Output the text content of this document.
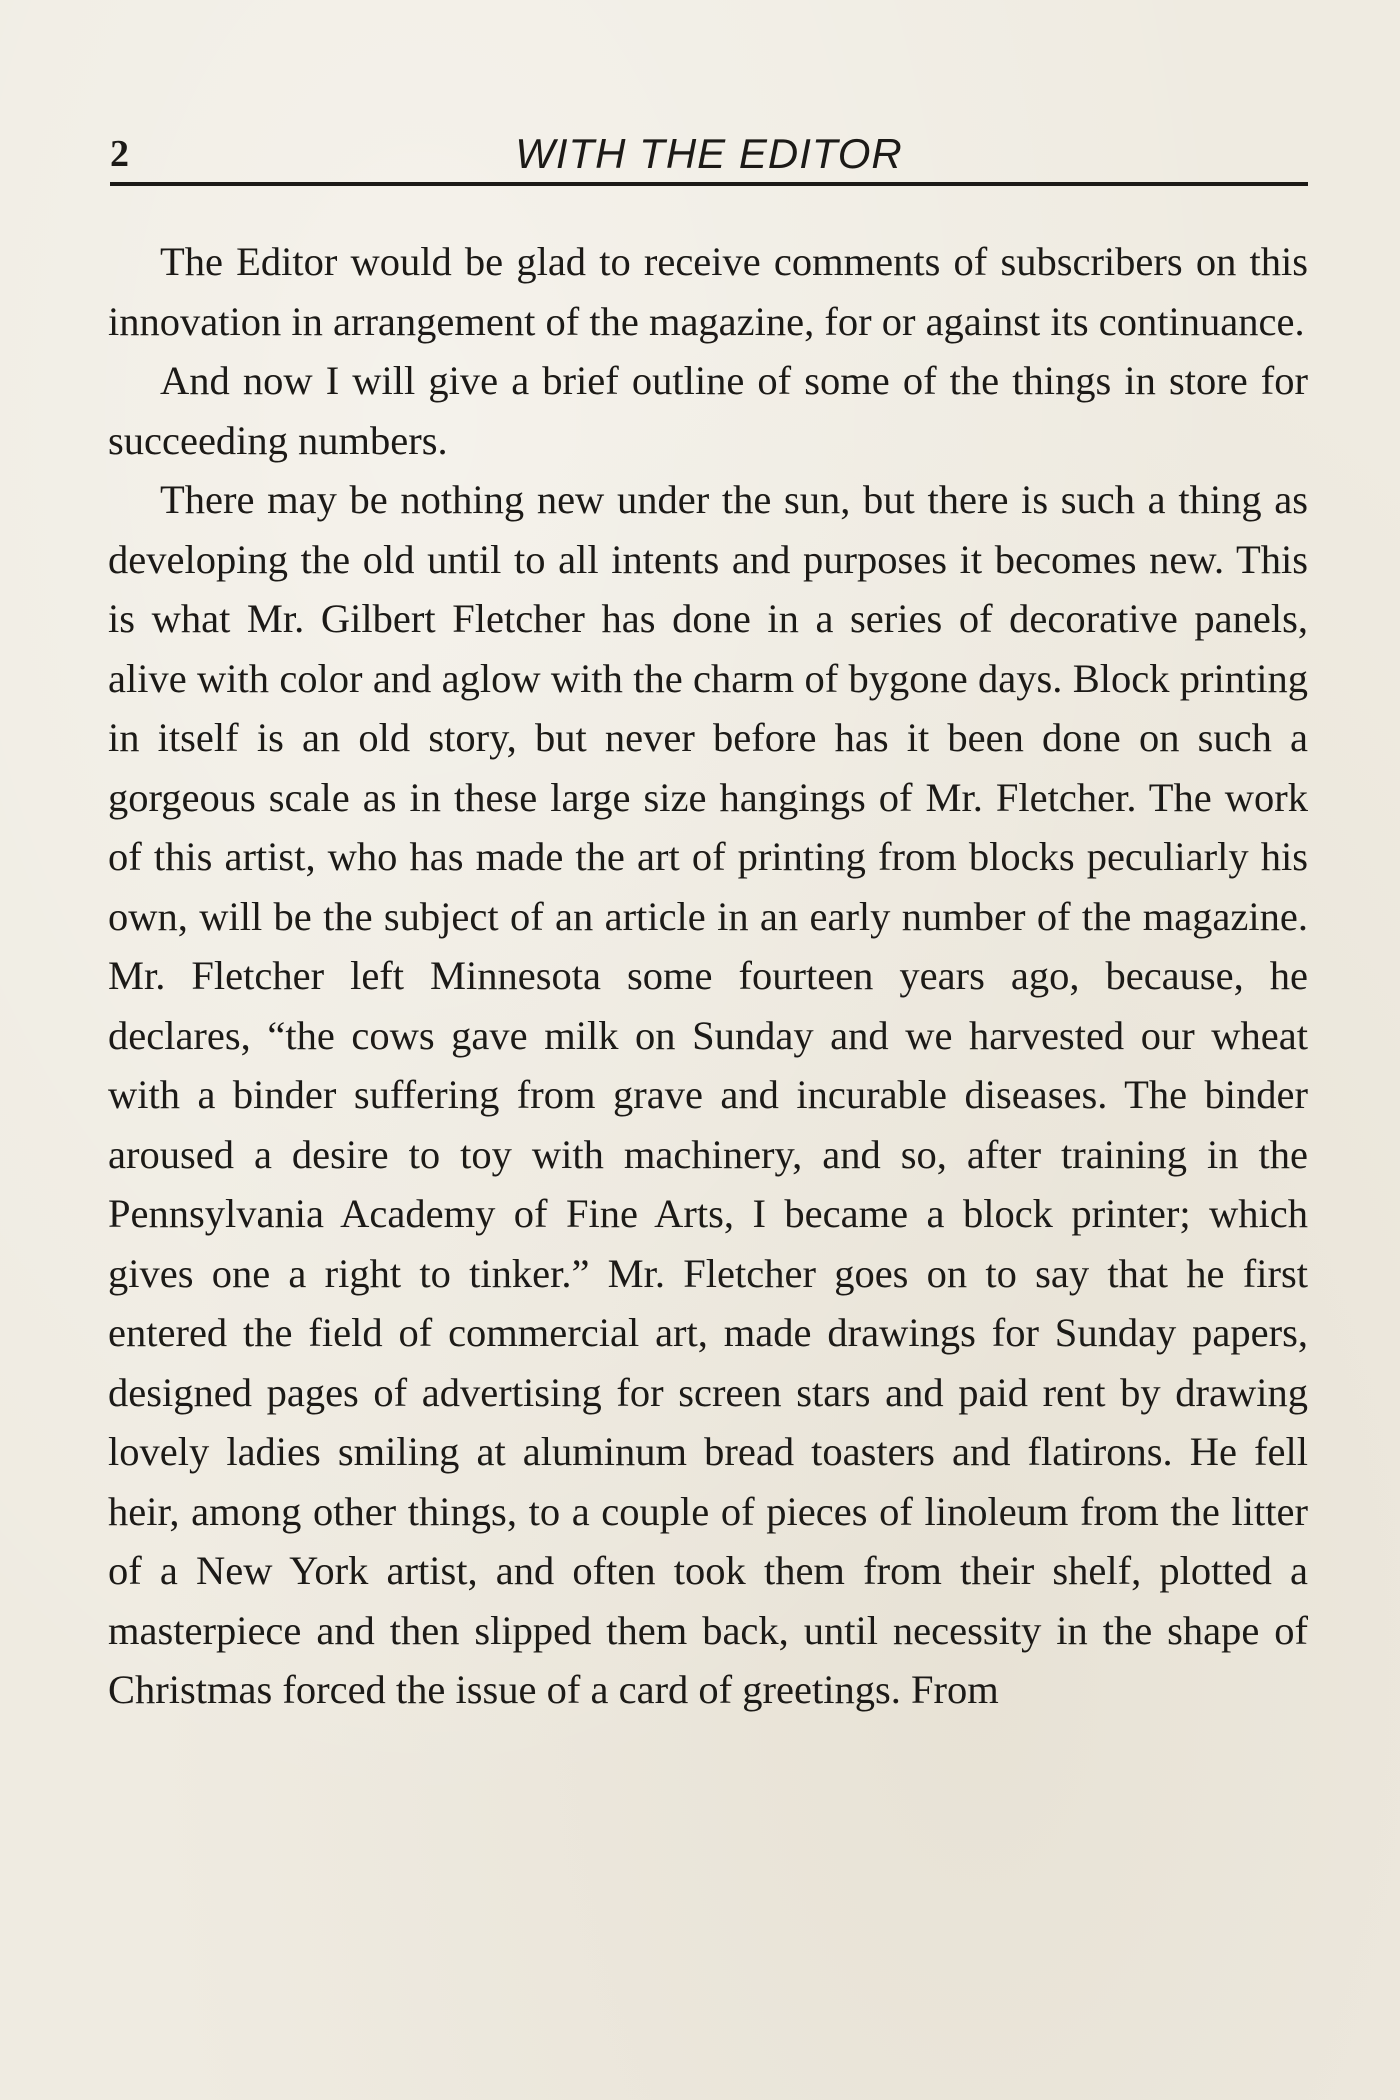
2	WITH THE EDITOR

The Editor would be glad to receive comments of subscribers on this innovation in arrangement of the magazine, for or against its continuance.

And now I will give a brief outline of some of the things in store for succeeding numbers.

There may be nothing new under the sun, but there is such a thing as developing the old until to all intents and purposes it becomes new. This is what Mr. Gilbert Fletcher has done in a series of decorative panels, alive with color and aglow with the charm of bygone days. Block printing in itself is an old story, but never before has it been done on such a gorgeous scale as in these large size hangings of Mr. Fletcher. The work of this artist, who has made the art of printing from blocks peculiarly his own, will be the subject of an article in an early number of the magazine. Mr. Fletcher left Minnesota some fourteen years ago, because, he declares, “the cows gave milk on Sunday and we harvested our wheat with a binder suffering from grave and incurable diseases. The binder aroused a desire to toy with machinery, and so, after training in the Pennsylvania Academy of Fine Arts, I became a block printer; which gives one a right to tinker.” Mr. Fletcher goes on to say that he first entered the field of commercial art, made drawings for Sunday papers, designed pages of advertising for screen stars and paid rent by drawing lovely ladies smiling at aluminum bread toasters and flatirons. He fell heir, among other things, to a couple of pieces of linoleum from the litter of a New York artist, and often took them from their shelf, plotted a masterpiece and then slipped them back, until necessity in the shape of Christmas forced the issue of a card of greetings. From
